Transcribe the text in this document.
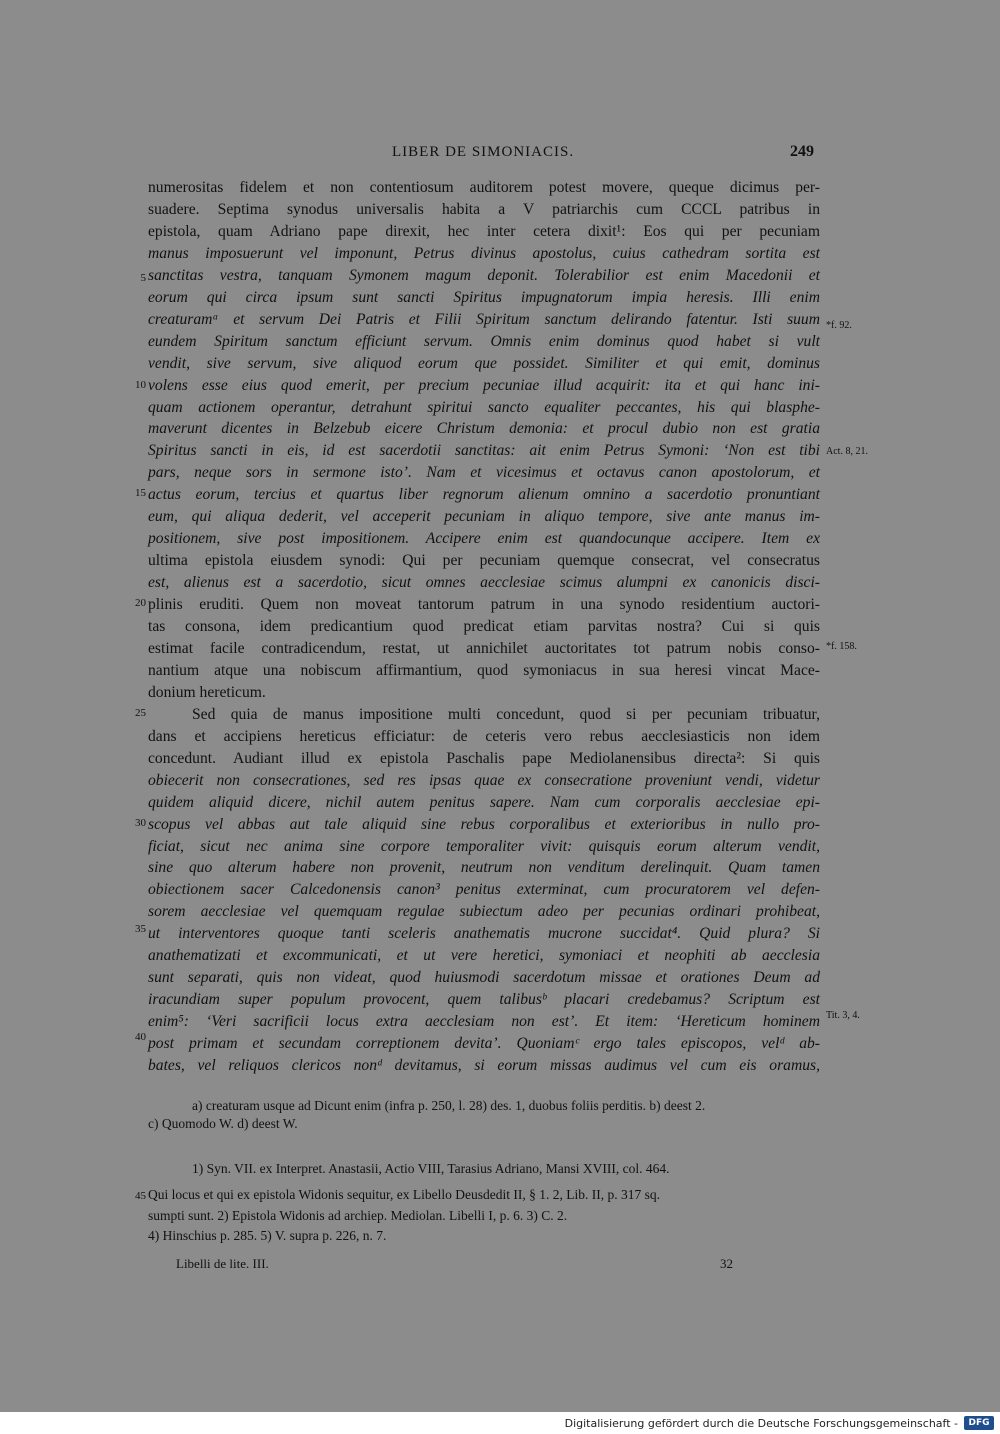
LIBER DE SIMONIACIS.	249
numerositas fidelem et non contentiosum auditorem potest movere, queque dicimus per-
suadere. Septima synodus universalis habita a V patriarchis cum CCCL patribus in
epistola, quam Adriano pape direxit, hec inter cetera dixit¹: Eos qui per pecuniam
manus imposuerunt vel imponunt, Petrus divinus apostolus, cuius cathedram sortita est
sanctitas vestra, tanquam Symonem magum deponit. Tolerabilior est enim Macedonii et
eorum qui circa ipsum sunt sancti Spiritus impugnatorum impia heresis. Illi enim
creaturamᵃ et servum Dei Patris et Filii Spiritum sanctum delirando fatentur. Isti suum
eundem Spiritum sanctum efficiunt servum. Omnis enim dominus quod habet si vult
vendit, sive servum, sive aliquod eorum que possidet. Similiter et qui emit, dominus
volens esse eius quod emerit, per precium pecuniae illud acquirit: ita et qui hanc ini-
quam actionem operantur, detrahunt spiritui sancto equaliter peccantes, his qui blasphe-
maverunt dicentes in Belzebub eicere Christum demonia: et procul dubio non est gratia
Spiritus sancti in eis, id est sacerdotii sanctitas: ait enim Petrus Symoni: ‘Non est tibi
pars, neque sors in sermone isto’. Nam et vicesimus et octavus canon apostolorum, et
actus eorum, tercius et quartus liber regnorum alienum omnino a sacerdotio pronuntiant
eum, qui aliqua dederit, vel acceperit pecuniam in aliquo tempore, sive ante manus im-
positionem, sive post impositionem. Accipere enim est quandocunque accipere. Item ex
ultima epistola eiusdem synodi: Qui per pecuniam quemque consecrat, vel consecratus
est, alienus est a sacerdotio, sicut omnes aecclesiae scimus alumpni ex canonicis disci-
plinis eruditi. Quem non moveat tantorum patrum in una synodo residentium auctori-
tas consona, idem predicantium quod predicat etiam parvitas nostra? Cui si quis
estimat facile contradicendum, restat, ut annichilet auctoritates tot patrum nobis conso-
nantium atque una nobiscum affirmantium, quod symoniacus in sua heresi vincat Mace-
donium hereticum.
Sed quia de manus impositione multi concedunt, quod si per pecuniam tribuatur,
dans et accipiens hereticus efficiatur: de ceteris vero rebus aecclesiasticis non idem
concedunt. Audiant illud ex epistola Paschalis pape Mediolanensibus directa²: Si quis
obiecerit non consecrationes, sed res ipsas quae ex consecratione proveniunt vendi, videtur
quidem aliquid dicere, nichil autem penitus sapere. Nam cum corporalis aecclesiae epi-
scopus vel abbas aut tale aliquid sine rebus corporalibus et exterioribus in nullo pro-
ficiat, sicut nec anima sine corpore temporaliter vivit: quisquis eorum alterum vendit,
sine quo alterum habere non provenit, neutrum non venditum derelinquit. Quam tamen
obiectionem sacer Calcedonensis canon³ penitus exterminat, cum procuratorem vel defen-
sorem aecclesiae vel quemquam regulae subiectum adeo per pecunias ordinari prohibeat,
ut interventores quoque tanti sceleris anathematis mucrone succidat⁴. Quid plura? Si
anathematizati et excommunicati, et ut vere heretici, symoniaci et neophiti ab aecclesia
sunt separati, quis non videat, quod huiusmodi sacerdotum missae et orationes Deum ad
iracundiam super populum provocent, quem talibusᵇ placari credebamus? Scriptum est
enim⁵: ‘Veri sacrificii locus extra aecclesiam non est’. Et item: ‘Hereticum hominem
post primam et secundam correptionem devita’. Quoniamᶜ ergo tales episcopos, velᵈ ab-
bates, vel reliquos clericos nonᵈ devitamus, si eorum missas audimus vel cum eis oramus,
5
10
15
20
25
30
35
40
45
*f. 92.
Act. 8, 21.
*f. 158.
Tit. 3, 4.
a) creaturam usque ad Dicunt enim (infra p. 250, l. 28) des. 1, duobus foliis perditis. b) deest 2.
c) Quomodo W. d) deest W.
1) Syn. VII. ex Interpret. Anastasii, Actio VIII, Tarasius Adriano, Mansi XVIII, col. 464.
Qui locus et qui ex epistola Widonis sequitur, ex Libello Deusdedit II, § 1. 2, Lib. II, p. 317 sq.
sumpti sunt. 2) Epistola Widonis ad archiep. Mediolan. Libelli I, p. 6. 3) C. 2.
4) Hinschius p. 285. 5) V. supra p. 226, n. 7.
Libelli de lite. III.	32
Digitalisierung gefördert durch die Deutsche Forschungsgemeinschaft -	DFG
